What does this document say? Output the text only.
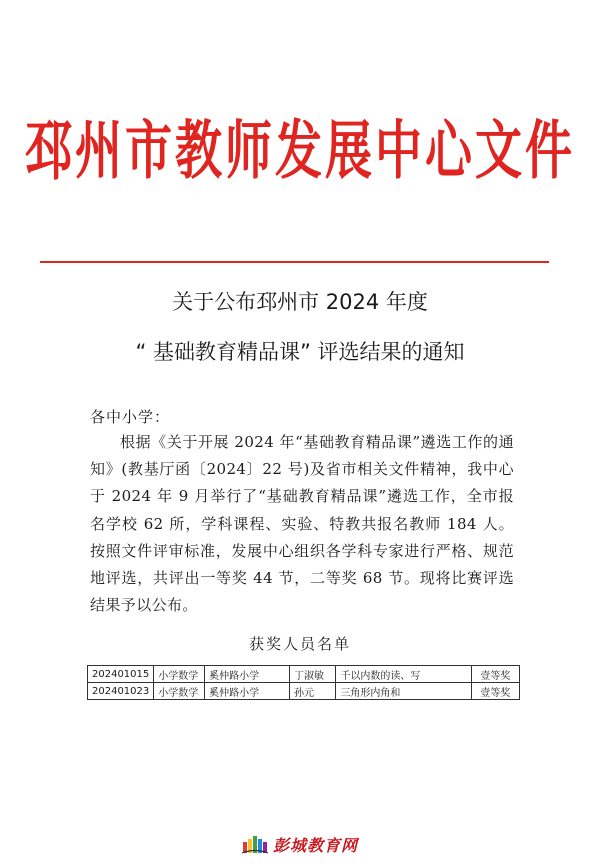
邳州市教师发展中心文件
关于公布邳州市 2024 年度
“ 基础教育精品课” 评选结果的通知
各中小学：

根据《关于开展 2024 年“基础教育精品课”遴选工作的通知》(教基厅函〔2024〕22 号)及省市相关文件精神，我中心于 2024 年 9 月举行了“基础教育精品课”遴选工作，全市报名学校 62 所，学科课程、实验、特教共报名教师 184 人。按照文件评审标准，发展中心组织各学科专家进行严格、规范地评选，共评出一等奖 44 节，二等奖 68 节。现将比赛评选结果予以公布。

获奖人员名单
202401015	小学数学	奚仲路小学	丁淑敏	千以内数的读、写	壹等奖
202401023	小学数学	奚仲路小学	孙元	三角形内角和	壹等奖
彭城教育网
